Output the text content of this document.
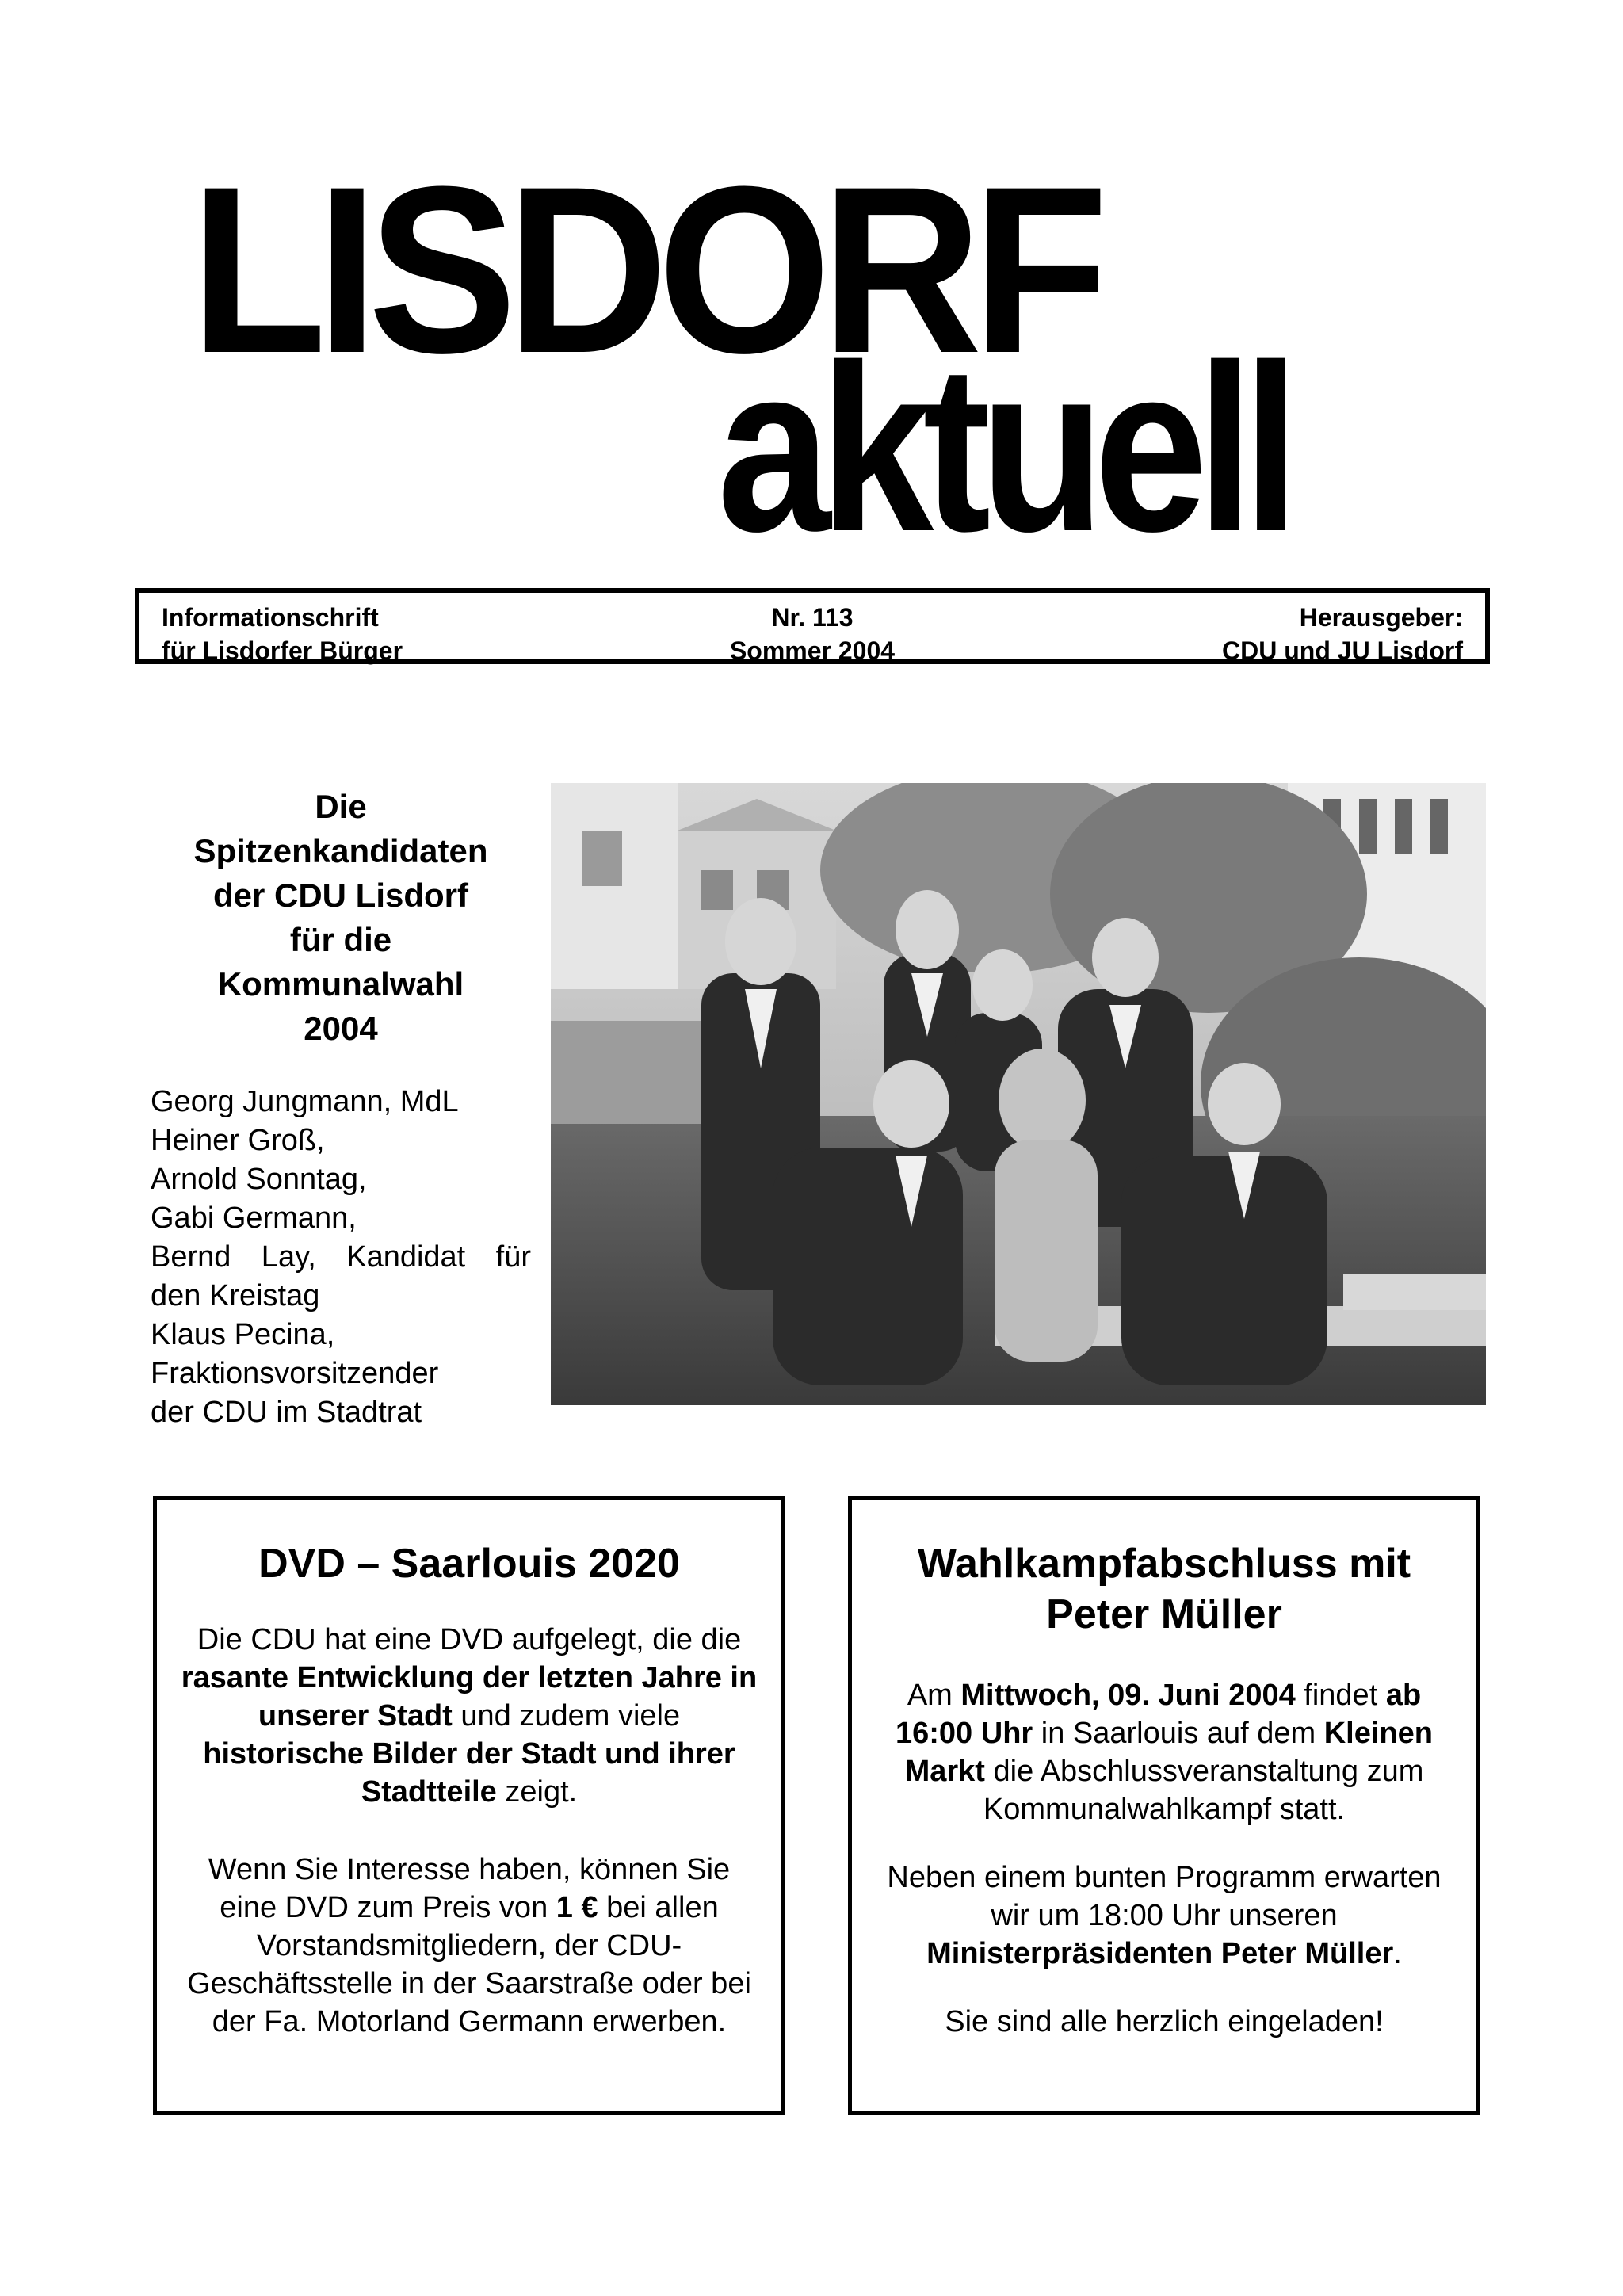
LISDORF
aktuell
Informationschrift
für Lisdorfer Bürger
Nr. 113
Sommer 2004
Herausgeber:
CDU und JU Lisdorf
Die
Spitzenkandidaten
der CDU Lisdorf
für die
Kommunalwahl
2004
Georg Jungmann, MdL
Heiner Groß,
Arnold Sonntag,
Gabi Germann,
Bernd Lay, Kandidat für
den Kreistag
Klaus Pecina,
Fraktionsvorsitzender
der CDU im Stadtrat
DVD – Saarlouis 2020

Die CDU hat eine DVD aufgelegt, die die rasante Entwicklung der letzten Jahre in unserer Stadt und zudem viele historische Bilder der Stadt und ihrer Stadtteile zeigt.

Wenn Sie Interesse haben, können Sie eine DVD zum Preis von 1 € bei allen Vorstandsmitgliedern, der CDU-Geschäftsstelle in der Saarstraße oder bei der Fa. Motorland Germann erwerben.

Wahlkampfabschluss mit Peter Müller

Am Mittwoch, 09. Juni 2004 findet ab 16:00 Uhr in Saarlouis auf dem Kleinen Markt die Abschlussveranstaltung zum Kommunalwahlkampf statt.

Neben einem bunten Programm erwarten wir um 18:00 Uhr unseren Ministerpräsidenten Peter Müller.

Sie sind alle herzlich eingeladen!
